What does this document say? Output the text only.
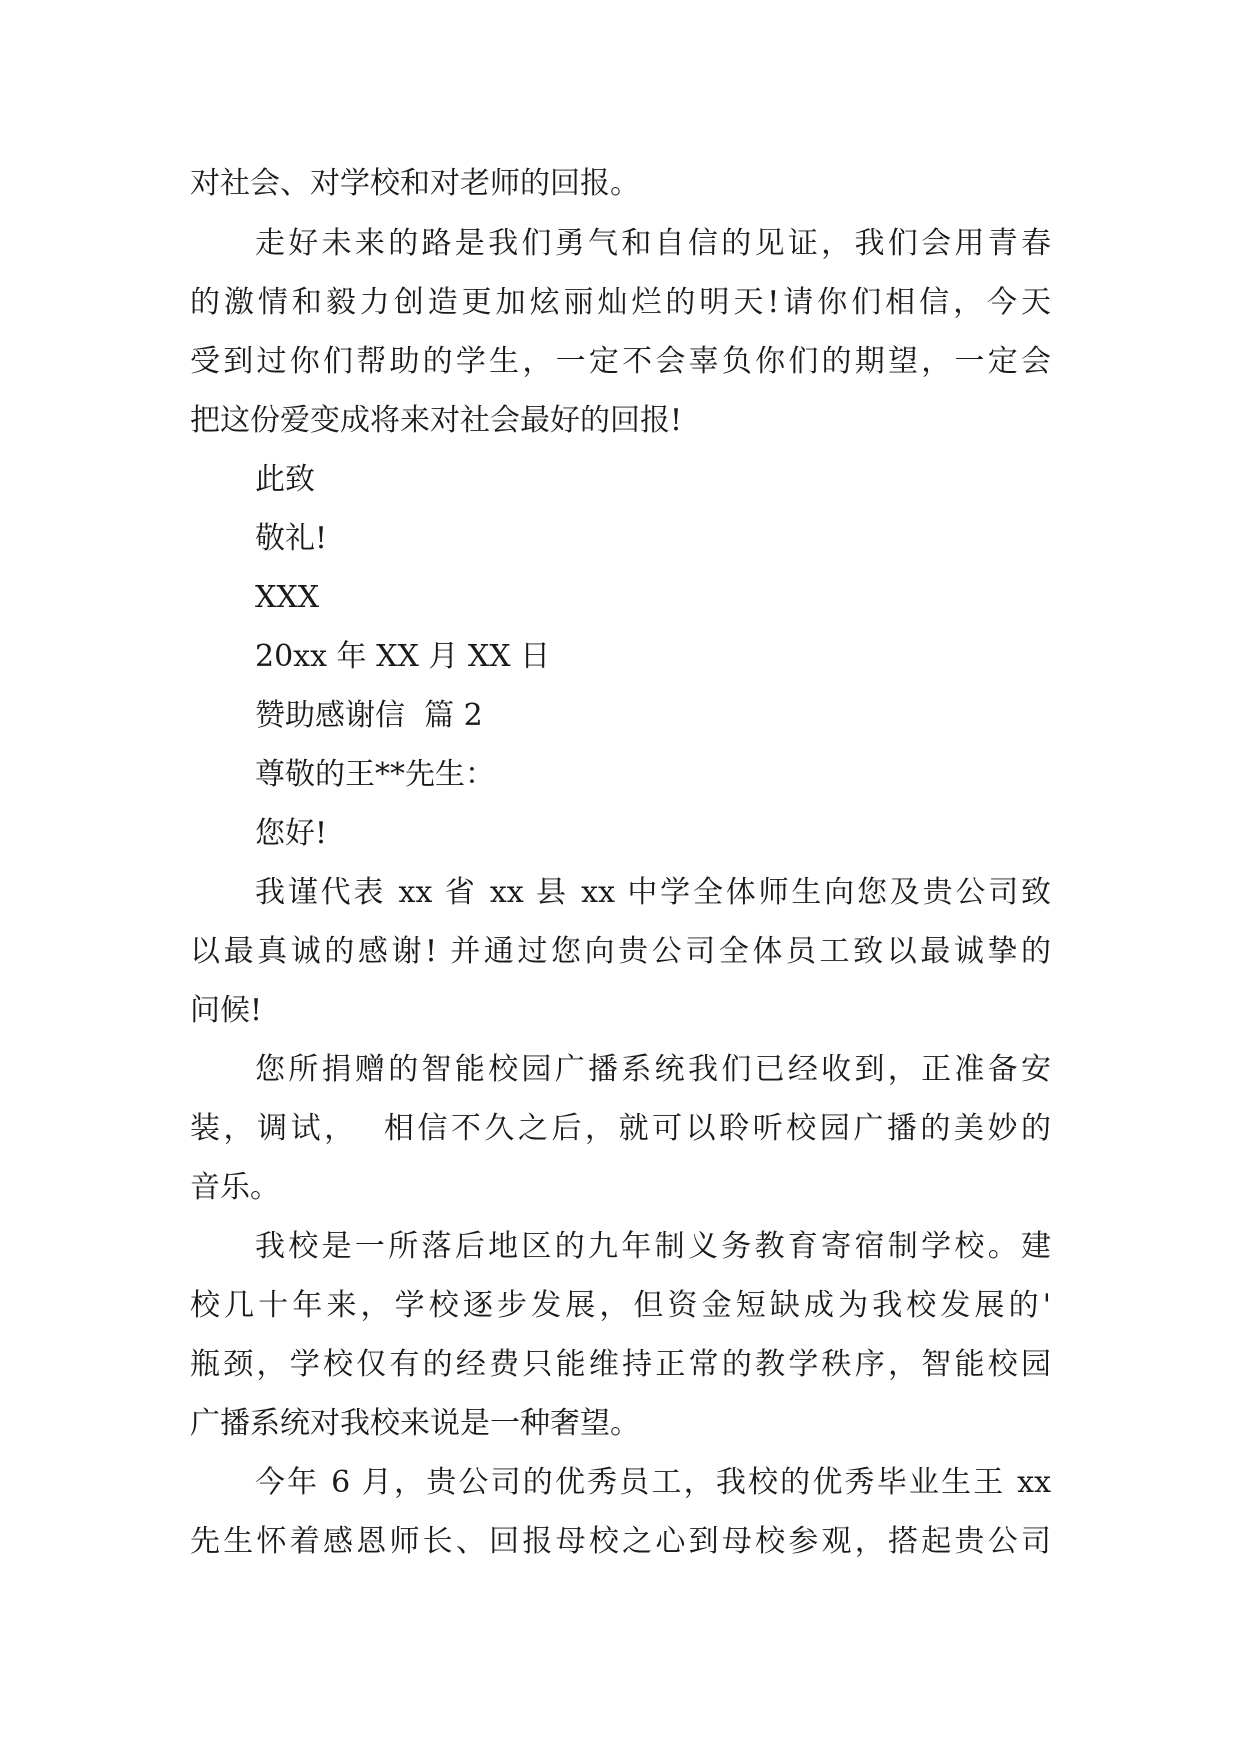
对社会、对学校和对老师的回报。

走好未来的路是我们勇气和自信的见证，我们会用青春

的激情和毅力创造更加炫丽灿烂的明天!请你们相信，今天

受到过你们帮助的学生，一定不会辜负你们的期望，一定会

把这份爱变成将来对社会最好的回报!

此致

敬礼!

XXX

20xx 年 XX 月 XX 日

赞助感谢信  篇 2

尊敬的王**先生：

您好!

我谨代表 xx 省 xx 县 xx 中学全体师生向您及贵公司致

以最真诚的感谢! 并通过您向贵公司全体员工致以最诚挚的

问候!

您所捐赠的智能校园广播系统我们已经收到，正准备安

装，调试，  相信不久之后，就可以聆听校园广播的美妙的

音乐。

我校是一所落后地区的九年制义务教育寄宿制学校。建

校几十年来，学校逐步发展，但资金短缺成为我校发展的'

瓶颈，学校仅有的经费只能维持正常的教学秩序，智能校园

广播系统对我校来说是一种奢望。

今年 6 月，贵公司的优秀员工，我校的优秀毕业生王 xx

先生怀着感恩师长、回报母校之心到母校参观，搭起贵公司
